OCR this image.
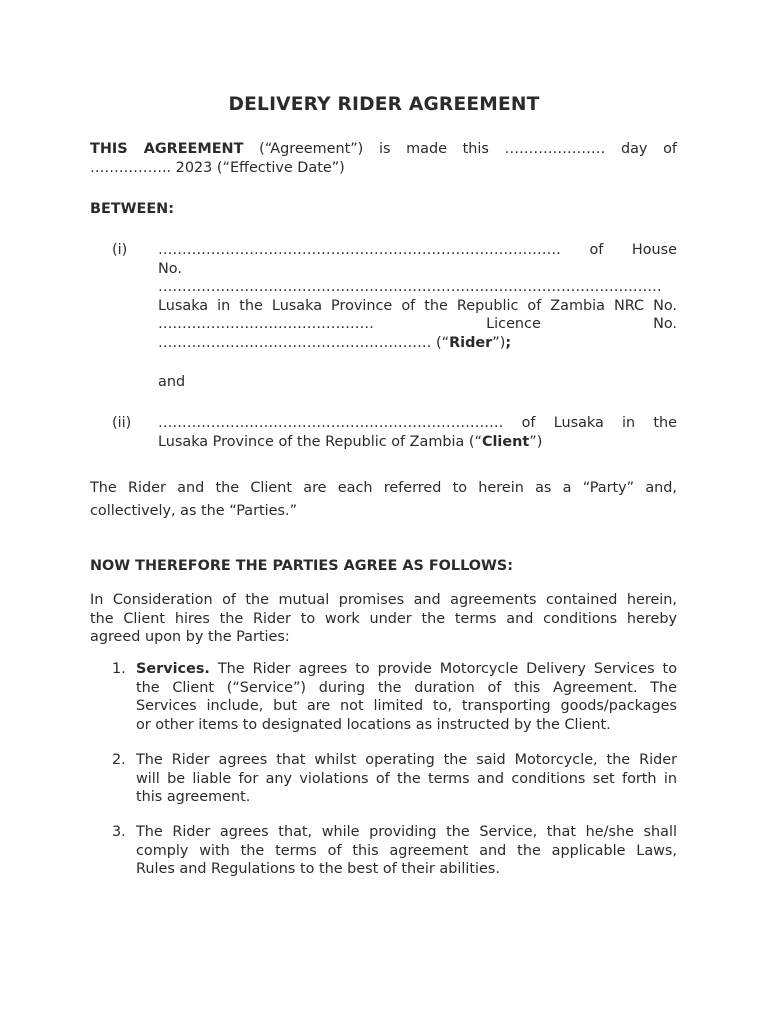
DELIVERY RIDER AGREEMENT
THIS AGREEMENT (“Agreement”) is made this ………………… day of
…………….. 2023 (“Effective Date”)
BETWEEN:
(i) ………………………………………………………………………… of House
No.
……………………………………………………………………………………………
Lusaka in the Lusaka Province of the Republic of Zambia NRC No.
……………………………………… Licence No.
………………………………………………… (“Rider”);
and
(ii) ……………………………………………………………… of Lusaka in the
Lusaka Province of the Republic of Zambia (“Client”)
The Rider and the Client are each referred to herein as a “Party” and,
collectively, as the “Parties.”
NOW THEREFORE THE PARTIES AGREE AS FOLLOWS:
In Consideration of the mutual promises and agreements contained herein,
the Client hires the Rider to work under the terms and conditions hereby
agreed upon by the Parties:
1. Services. The Rider agrees to provide Motorcycle Delivery Services to
the Client (“Service”) during the duration of this Agreement. The
Services include, but are not limited to, transporting goods/packages
or other items to designated locations as instructed by the Client.
2. The Rider agrees that whilst operating the said Motorcycle, the Rider
will be liable for any violations of the terms and conditions set forth in
this agreement.
3. The Rider agrees that, while providing the Service, that he/she shall
comply with the terms of this agreement and the applicable Laws,
Rules and Regulations to the best of their abilities.
